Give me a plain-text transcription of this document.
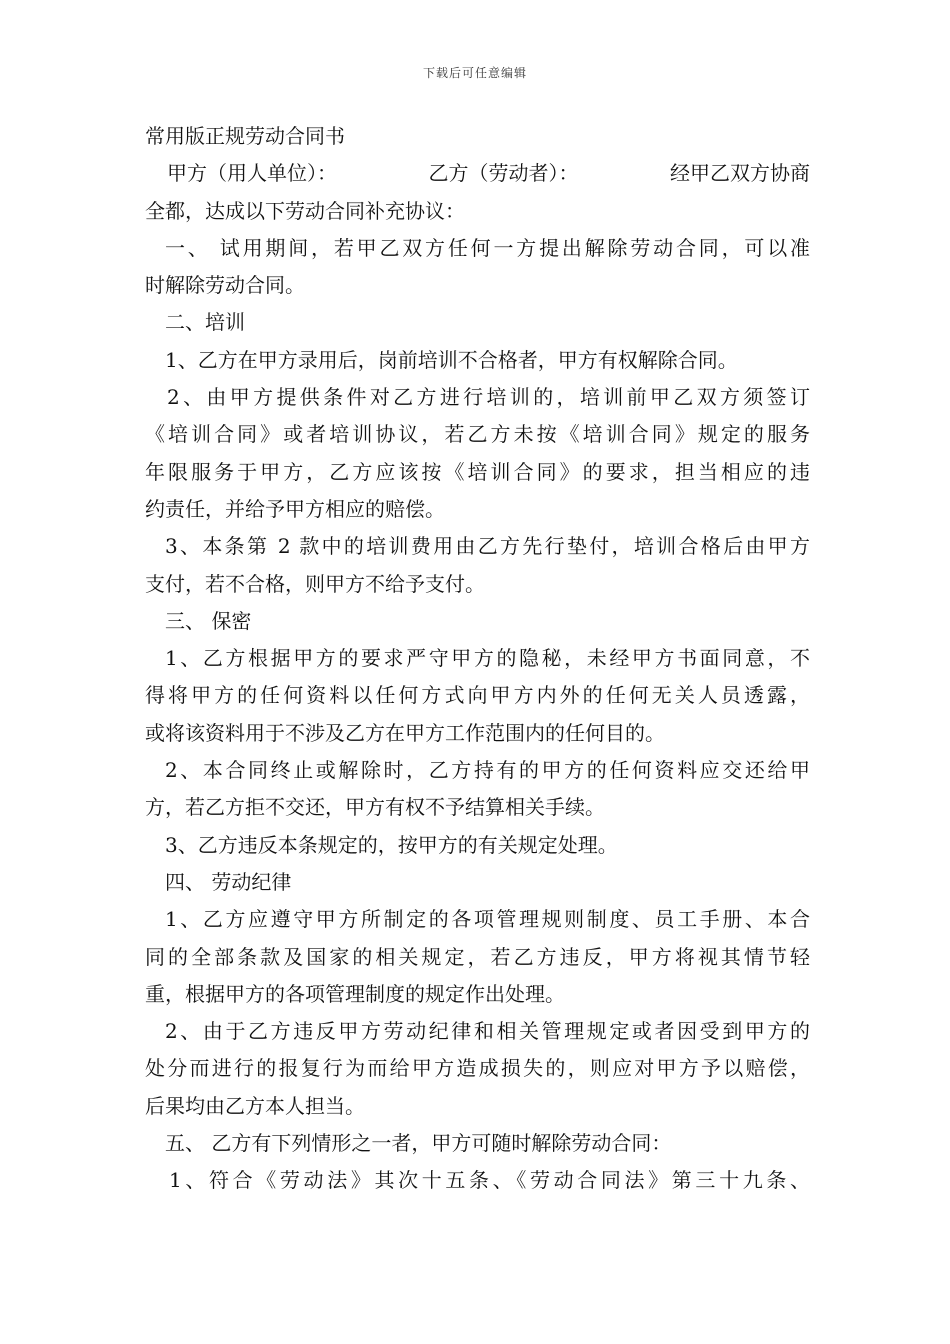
下载后可任意编辑
常用版正规劳动合同书
甲方（用人单位）：	乙方（劳动者）：	经甲乙双方协商
全都，达成以下劳动合同补充协议：
一、 试用期间，若甲乙双方任何一方提出解除劳动合同，可以准
时解除劳动合同。
二、培训
1、乙方在甲方录用后，岗前培训不合格者，甲方有权解除合同。
2、由甲方提供条件对乙方进行培训的，培训前甲乙双方须签订
《培训合同》或者培训协议，若乙方未按《培训合同》规定的服务
年限服务于甲方，乙方应该按《培训合同》的要求，担当相应的违
约责任，并给予甲方相应的赔偿。
3、本条第 2 款中的培训费用由乙方先行垫付，培训合格后由甲方
支付，若不合格，则甲方不给予支付。
三、 保密
1、乙方根据甲方的要求严守甲方的隐秘，未经甲方书面同意，不
得将甲方的任何资料以任何方式向甲方内外的任何无关人员透露，
或将该资料用于不涉及乙方在甲方工作范围内的任何目的。
2、本合同终止或解除时，乙方持有的甲方的任何资料应交还给甲
方，若乙方拒不交还，甲方有权不予结算相关手续。
3、乙方违反本条规定的，按甲方的有关规定处理。
四、 劳动纪律
1、乙方应遵守甲方所制定的各项管理规则制度、员工手册、本合
同的全部条款及国家的相关规定，若乙方违反，甲方将视其情节轻
重，根据甲方的各项管理制度的规定作出处理。
2、由于乙方违反甲方劳动纪律和相关管理规定或者因受到甲方的
处分而进行的报复行为而给甲方造成损失的，则应对甲方予以赔偿，
后果均由乙方本人担当。
五、 乙方有下列情形之一者，甲方可随时解除劳动合同：
1、符合《劳动法》其次十五条、《劳动合同法》第三十九条、
